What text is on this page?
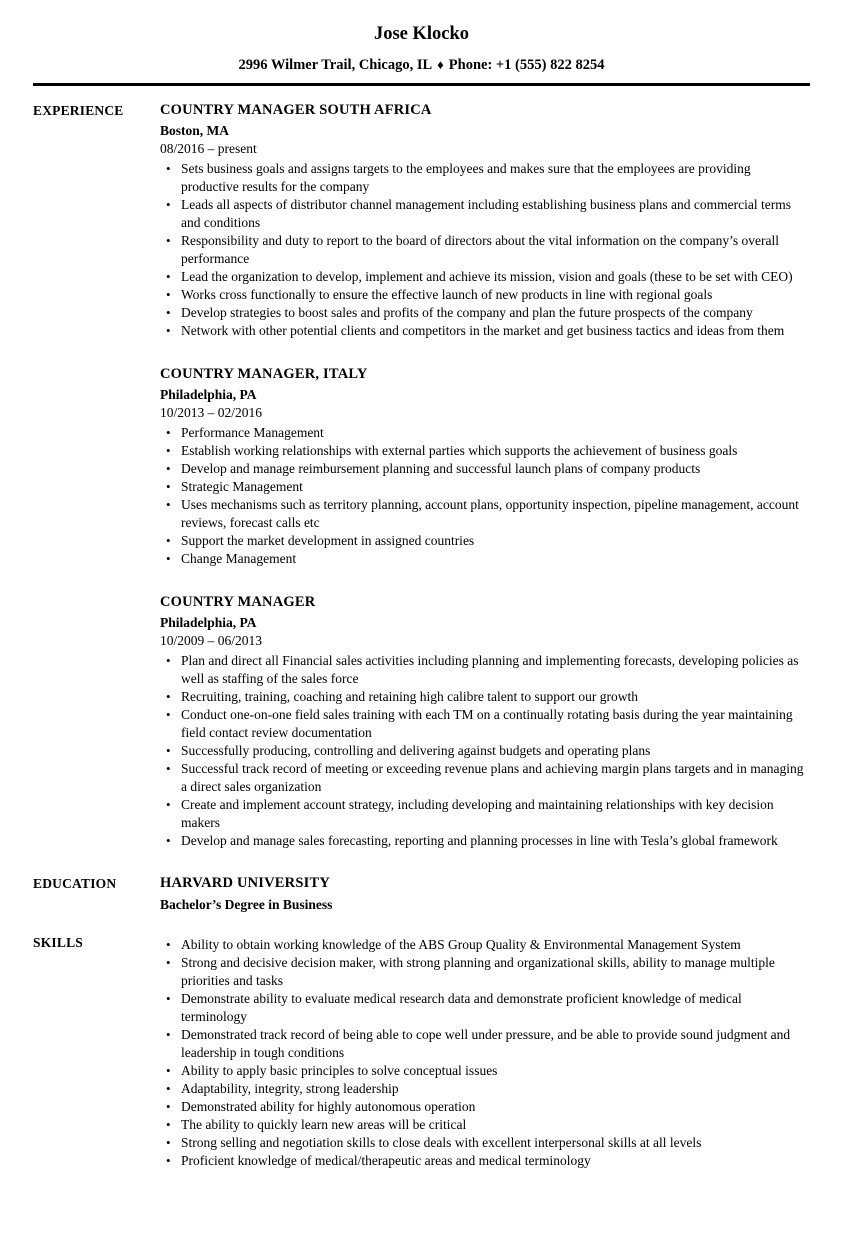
Jose Klocko
2996 Wilmer Trail, Chicago, IL ♦ Phone: +1 (555) 822 8254
EXPERIENCE	COUNTRY MANAGER SOUTH AFRICA
Boston, MA
08/2016 – present
• Sets business goals and assigns targets to the employees and makes sure that the employees are providing productive results for the company
• Leads all aspects of distributor channel management including establishing business plans and commercial terms and conditions
• Responsibility and duty to report to the board of directors about the vital information on the company’s overall performance
• Lead the organization to develop, implement and achieve its mission, vision and goals (these to be set with CEO)
• Works cross functionally to ensure the effective launch of new products in line with regional goals
• Develop strategies to boost sales and profits of the company and plan the future prospects of the company
• Network with other potential clients and competitors in the market and get business tactics and ideas from them
COUNTRY MANAGER, ITALY
Philadelphia, PA
10/2013 – 02/2016
• Performance Management
• Establish working relationships with external parties which supports the achievement of business goals
• Develop and manage reimbursement planning and successful launch plans of company products
• Strategic Management
• Uses mechanisms such as territory planning, account plans, opportunity inspection, pipeline management, account reviews, forecast calls etc
• Support the market development in assigned countries
• Change Management
COUNTRY MANAGER
Philadelphia, PA
10/2009 – 06/2013
• Plan and direct all Financial sales activities including planning and implementing forecasts, developing policies as well as staffing of the sales force
• Recruiting, training, coaching and retaining high calibre talent to support our growth
• Conduct one-on-one field sales training with each TM on a continually rotating basis during the year maintaining field contact review documentation
• Successfully producing, controlling and delivering against budgets and operating plans
• Successful track record of meeting or exceeding revenue plans and achieving margin plans targets and in managing a direct sales organization
• Create and implement account strategy, including developing and maintaining relationships with key decision makers
• Develop and manage sales forecasting, reporting and planning processes in line with Tesla’s global framework
EDUCATION	HARVARD UNIVERSITY
Bachelor’s Degree in Business
SKILLS	• Ability to obtain working knowledge of the ABS Group Quality & Environmental Management System
• Strong and decisive decision maker, with strong planning and organizational skills, ability to manage multiple priorities and tasks
• Demonstrate ability to evaluate medical research data and demonstrate proficient knowledge of medical terminology
• Demonstrated track record of being able to cope well under pressure, and be able to provide sound judgment and leadership in tough conditions
• Ability to apply basic principles to solve conceptual issues
• Adaptability, integrity, strong leadership
• Demonstrated ability for highly autonomous operation
• The ability to quickly learn new areas will be critical
• Strong selling and negotiation skills to close deals with excellent interpersonal skills at all levels
• Proficient knowledge of medical/therapeutic areas and medical terminology
